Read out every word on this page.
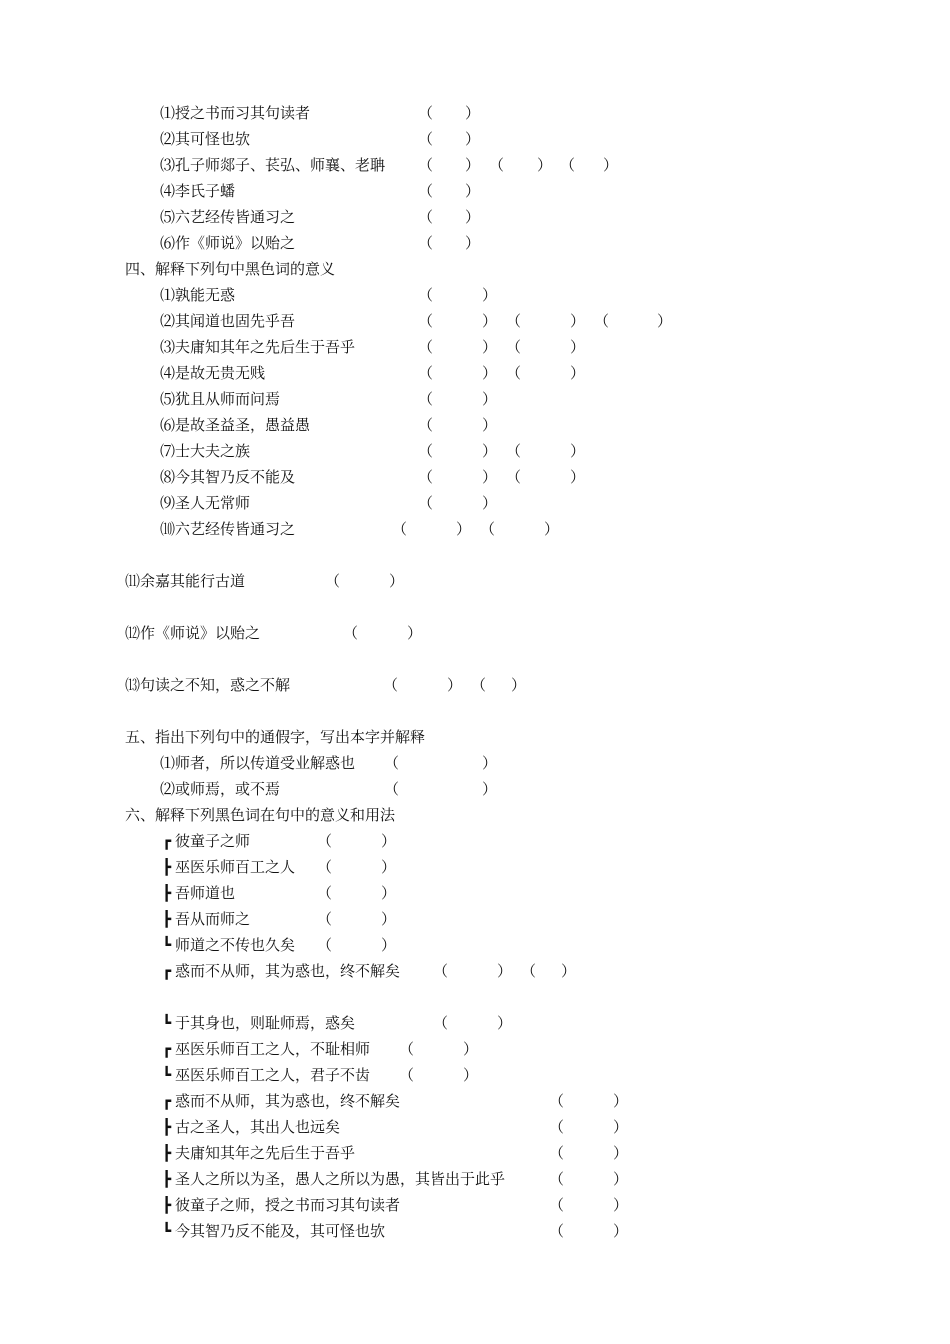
⑴授之书而习其句读者	（ ）
⑵其可怪也欤	（ ）
⑶孔子师郯子、苌弘、师襄、老聃 （ ） （ ） （ ）
⑷李氏子蟠	（ ）
⑸六艺经传皆通习之	（ ）
⑹作《师说》以贻之	（ ）
四、解释下列句中黑色词的意义
⑴孰能无惑	（	）
⑵其闻道也固先乎吾	（	） （	） （	）
⑶夫庸知其年之先后生于吾乎	（	） （	）
⑷是故无贵无贱	（	） （	）
⑸犹且从师而问焉	（	）
⑹是故圣益圣，愚益愚	（	）
⑺士大夫之族	（	） （	）
⑻今其智乃反不能及	（	） （	）
⑼圣人无常师	（	）
⑽六艺经传皆通习之	（	） （	）
⑾余嘉其能行古道	（	）
⑿作《师说》以贻之	（	）
⒀句读之不知，惑之不解	（	） （ ）
五、指出下列句中的通假字，写出本字并解释
⑴师者，所以传道受业解惑也 （	）
⑵或师焉，或不焉	（	）
六、解释下列黑色词在句中的意义和用法
┏ 彼童子之师	（	）
┣ 巫医乐师百工之人 （	）
┣ 吾师道也	（	）
┣ 吾从而师之	（	）
┗ 师道之不传也久矣 （	）
┏ 惑而不从师，其为惑也，终不解矣 （	） （ ）
┗ 于其身也，则耻师焉，惑矣	（	）
┏ 巫医乐师百工之人，不耻相师 （	）
┗ 巫医乐师百工之人，君子不齿 （	）
┏ 惑而不从师，其为惑也，终不解矣	（	）
┣ 古之圣人，其出人也远矣	（	）
┣ 夫庸知其年之先后生于吾乎	（	）
┣ 圣人之所以为圣，愚人之所以为愚，其皆出于此乎	（	）
┣ 彼童子之师，授之书而习其句读者	（	）
┗ 今其智乃反不能及，其可怪也欤	（	）
